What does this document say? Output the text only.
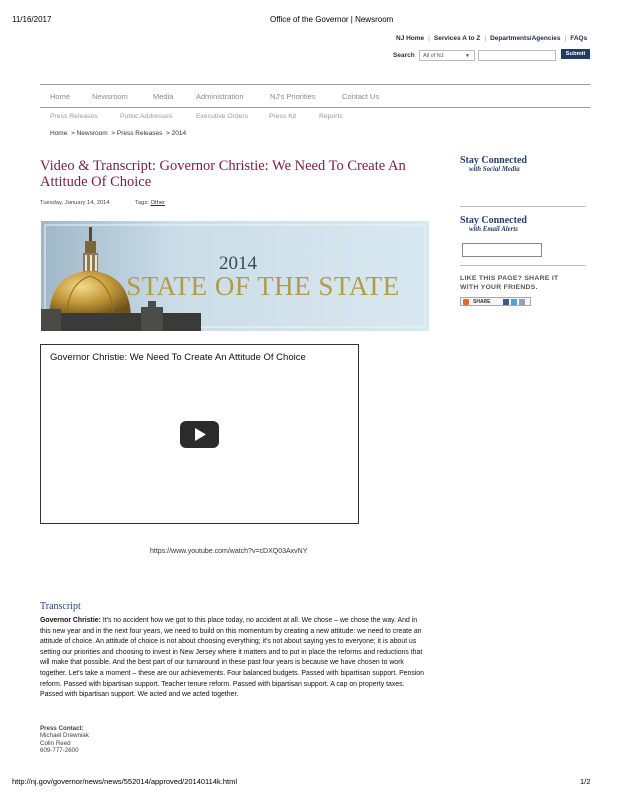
11/16/2017	Office of the Governor | Newsroom
NJ Home | Services A to Z | Departments/Agencies | FAQs
Search	All of NJ	▼	Submit
Home	Newsroom	Media	Administration	NJ's Priorities	Contact Us
Press Releases	Public Addresses	Executive Orders	Press Kit	Reports
Home  > Newsroom  > Press Releases  > 2014
Video & Transcript: Governor Christie: We Need To Create An Attitude Of Choice
Tuesday, January 14, 2014	Tags: Other
2014
STATE OF THE STATE
Governor Christie: We Need To Create An Attitude Of Choice
https://www.youtube.com/watch?v=cDXQ03AxvNY
Transcript
Governor Christie: It's no accident how we got to this place today, no accident at all. We chose – we chose the way. And in this new year and in the next four years, we need to build on this momentum by creating a new attitude: we need to create an attitude of choice. An attitude of choice is not about choosing everything; it's not about saying yes to everyone; it is about us setting our priorities and choosing to invest in New Jersey where it matters and to put in place the reforms and reductions that will make that possible. And the best part of our turnaround in these past four years is because we have chosen to work together. Let's take a moment – these are our achievements. Four balanced budgets. Passed with bipartisan support. Pension reform. Passed with bipartisan support. Teacher tenure reform. Passed with bipartisan support. A cap on property taxes. Passed with bipartisan support. We acted and we acted together.
Press Contact:
Michael Drewniak
Colin Reed
609-777-2600
Stay Connected
with Social Media
Stay Connected
with Email Alerts
LIKE THIS PAGE? SHARE IT
WITH YOUR FRIENDS.
SHARE
http://nj.gov/governor/news/news/552014/approved/20140114k.html	1/2
